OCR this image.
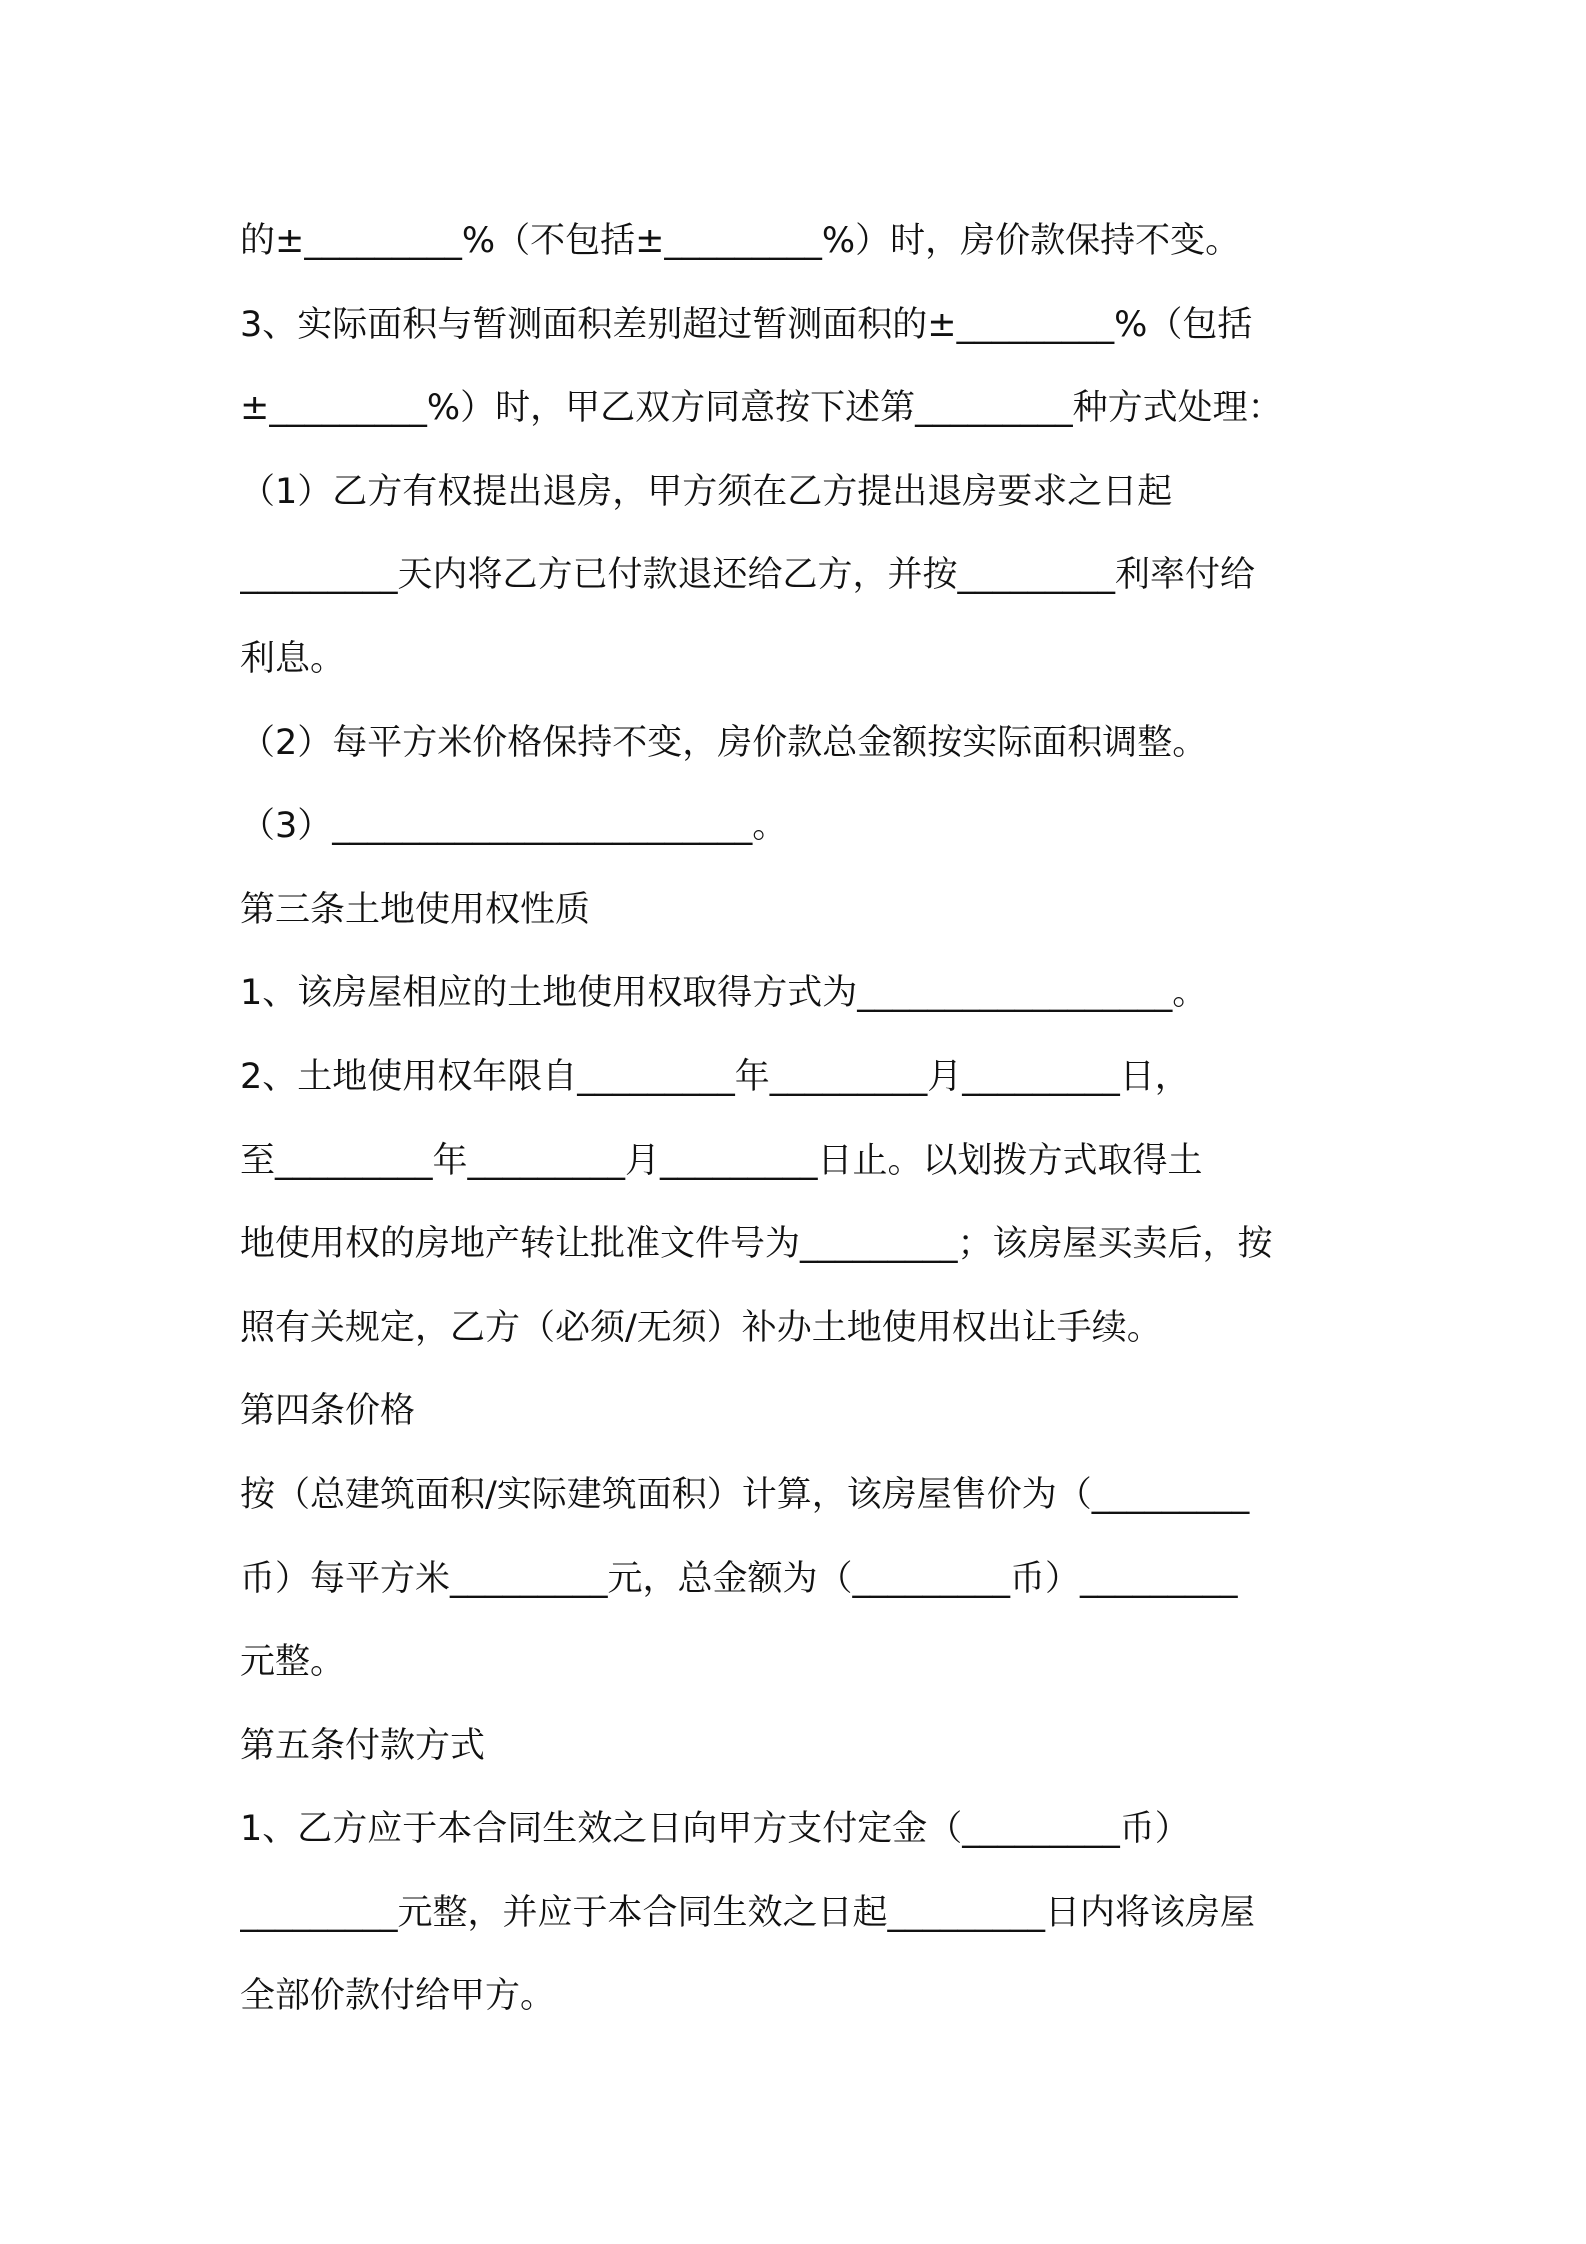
的±_________%（不包括±_________%）时，房价款保持不变。
3、实际面积与暂测面积差别超过暂测面积的±_________%（包括
±_________%）时，甲乙双方同意按下述第_________种方式处理：
（1）乙方有权提出退房，甲方须在乙方提出退房要求之日起
_________天内将乙方已付款退还给乙方，并按_________利率付给
利息。
（2）每平方米价格保持不变，房价款总金额按实际面积调整。
（3）________________________。
第三条土地使用权性质
1、该房屋相应的土地使用权取得方式为__________________。
2、土地使用权年限自_________年_________月_________日，
至_________年_________月_________日止。以划拨方式取得土
地使用权的房地产转让批准文件号为_________；该房屋买卖后，按
照有关规定，乙方（必须/无须）补办土地使用权出让手续。
第四条价格
按（总建筑面积/实际建筑面积）计算，该房屋售价为（_________
币）每平方米_________元，总金额为（_________币）_________
元整。
第五条付款方式
1、乙方应于本合同生效之日向甲方支付定金（_________币）
_________元整，并应于本合同生效之日起_________日内将该房屋
全部价款付给甲方。
